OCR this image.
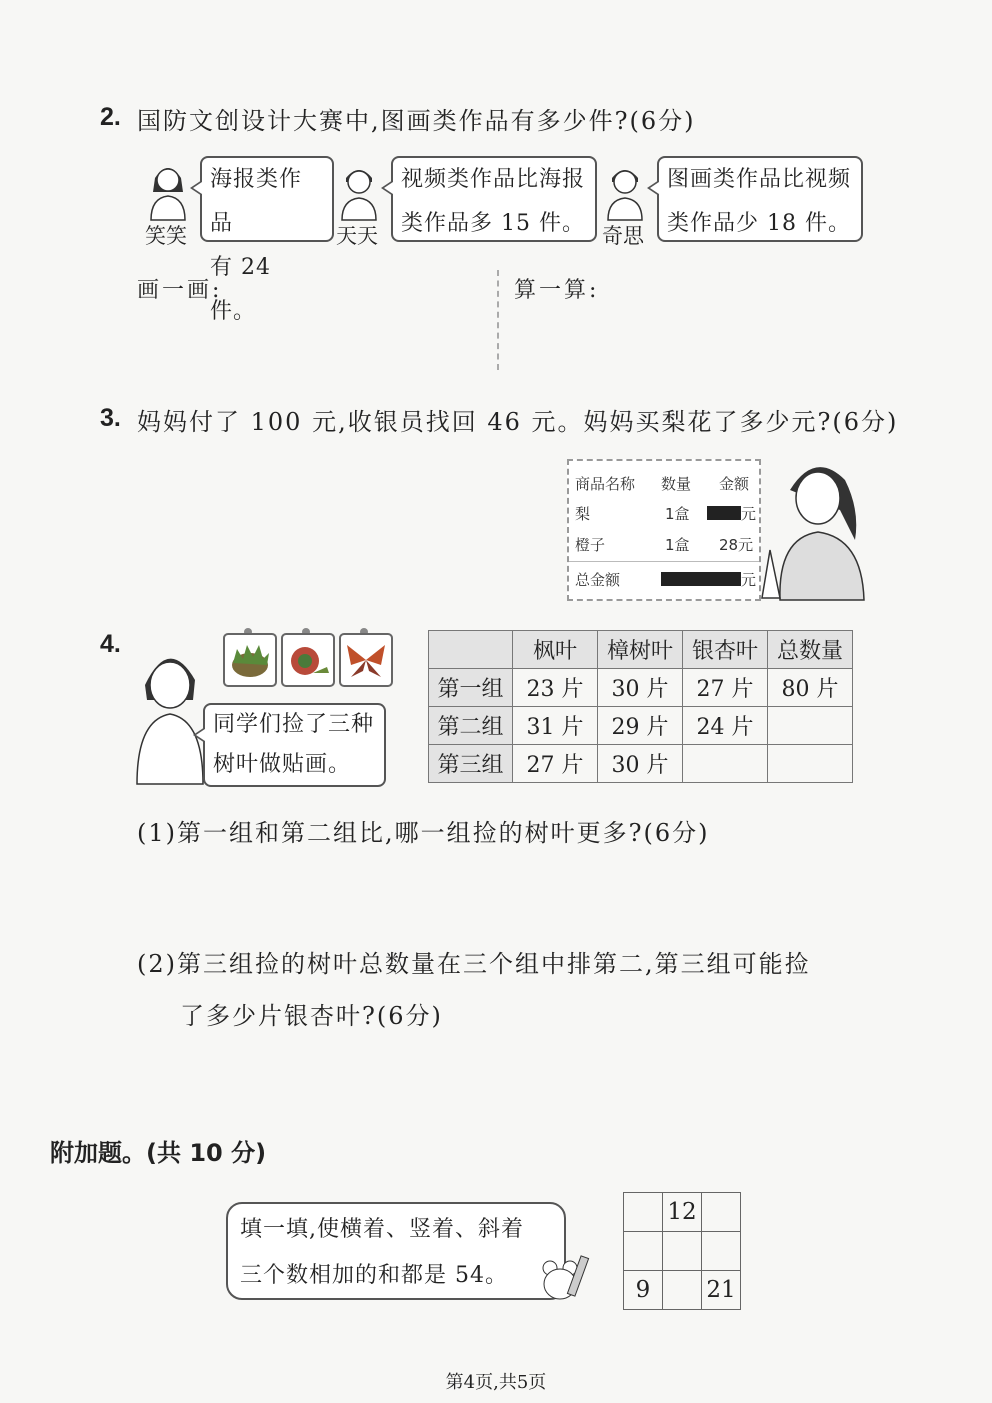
2. 国防文创设计大赛中,图画类作品有多少件?(6分)
笑笑
海报类作品
有 24 件。
天天
视频类作品比海报
类作品多 15 件。 奇思
图画类作品比视频
类作品少 18 件。
画一画:	算一算:
3. 妈妈付了 100 元,收银员找回 46 元。妈妈买梨花了多少元?(6分)
商品名称 数量 金额
梨	1盒	元
橙子	1盒 28元
总金额	元
4.
同学们捡了三种
树叶做贴画。
	枫叶	樟树叶	银杏叶	总数量
第一组	23 片	30 片	27 片	80 片
第二组	31 片	29 片	24 片	
第三组	27 片	30 片		
(1)第一组和第二组比,哪一组捡的树叶更多?(6分)
(2)第三组捡的树叶总数量在三个组中排第二,第三组可能捡
了多少片银杏叶?(6分)
附加题。(共 10 分)
填一填,使横着、竖着、斜着
三个数相加的和都是 54。
	12	

9		21
第4页,共5页
